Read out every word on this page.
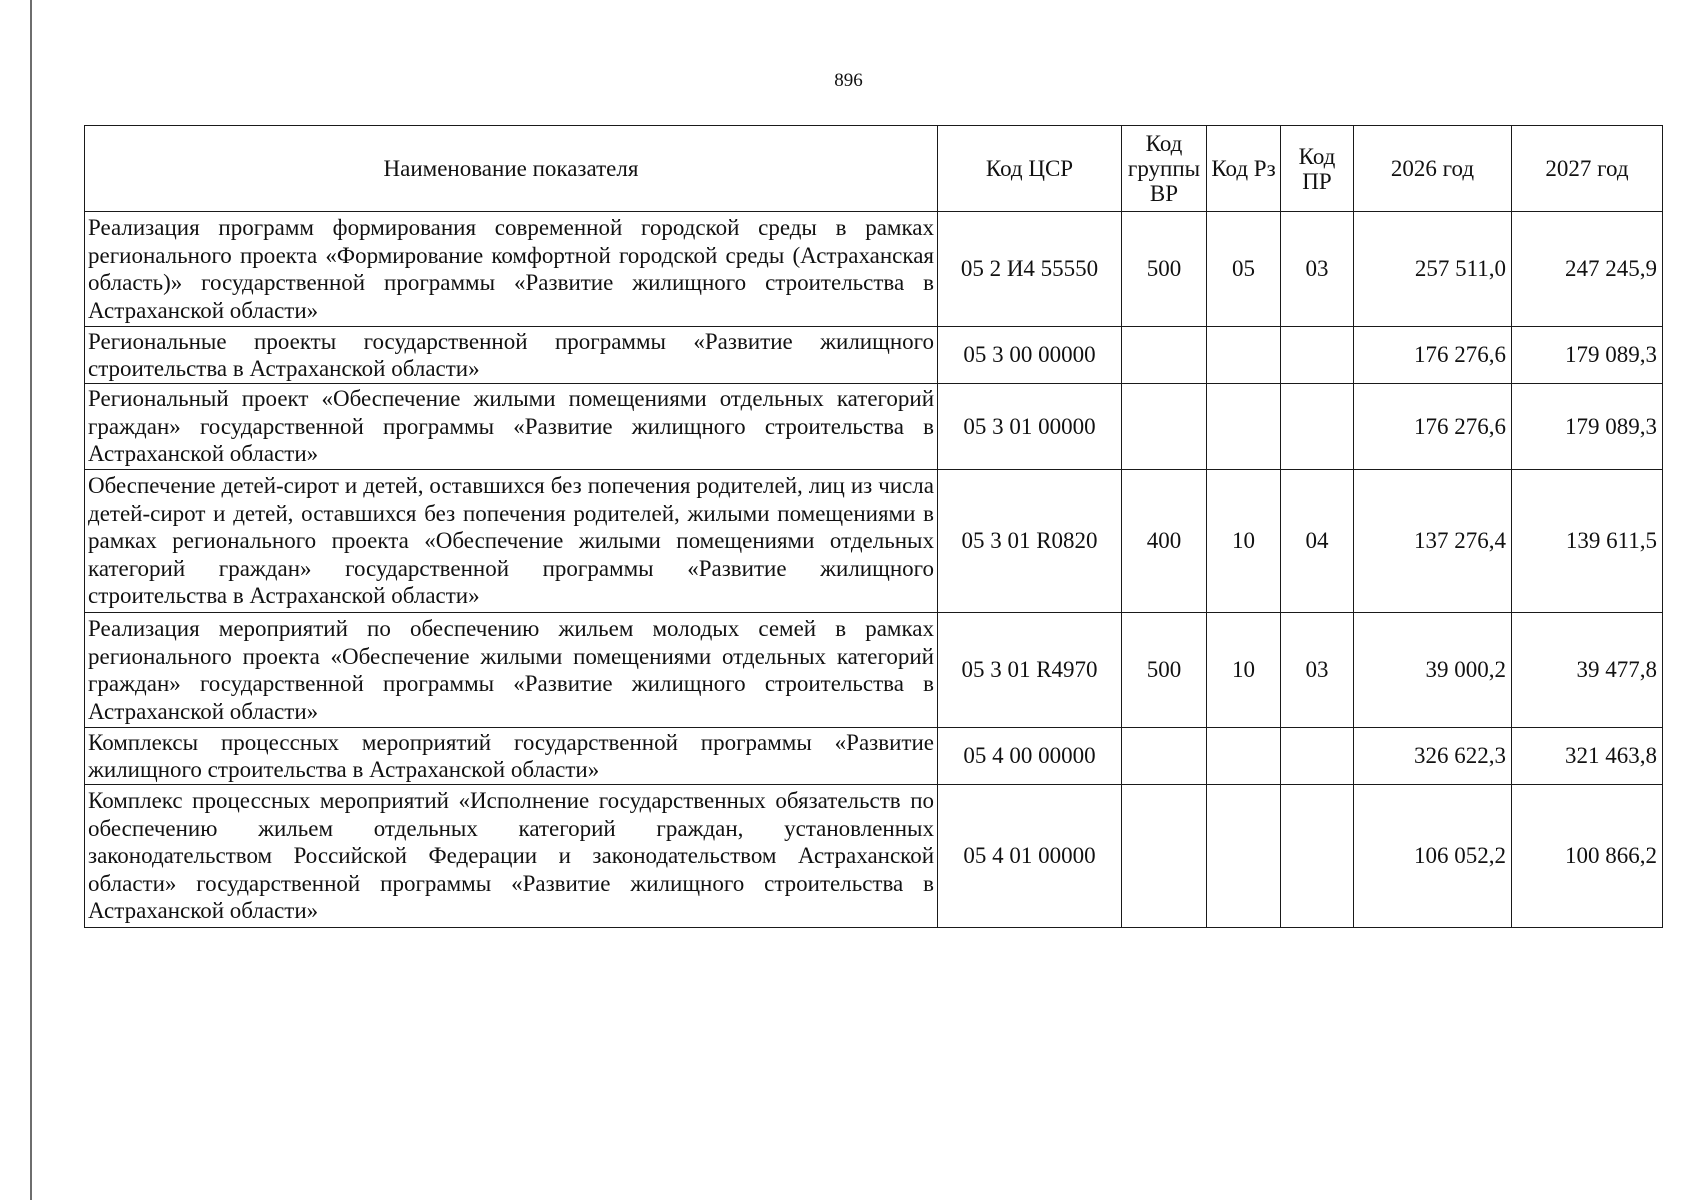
896
Наименование показателя	Код ЦСР	Код группы ВР	Код Рз	Код ПР	2026 год	2027 год
Реализация программ формирования современной городской среды в рамках регионального проекта «Формирование комфортной городской среды (Астраханская область)» государственной программы «Развитие жилищного строительства в Астраханской области»	05 2 И4 55550	500	05	03	257 511,0	247 245,9
Региональные проекты государственной программы «Развитие жилищного строительства в Астраханской области»	05 3 00 00000				176 276,6	179 089,3
Региональный проект «Обеспечение жилыми помещениями отдельных категорий граждан» государственной программы «Развитие жилищного строительства в Астраханской области»	05 3 01 00000				176 276,6	179 089,3
Обеспечение детей-сирот и детей, оставшихся без попечения родителей, лиц из числа детей-сирот и детей, оставшихся без попечения родителей, жилыми помещениями в рамках регионального проекта «Обеспечение жилыми помещениями отдельных категорий граждан» государственной программы «Развитие жилищного строительства в Астраханской области»	05 3 01 R0820	400	10	04	137 276,4	139 611,5
Реализация мероприятий по обеспечению жильем молодых семей в рамках регионального проекта «Обеспечение жилыми помещениями отдельных категорий граждан» государственной программы «Развитие жилищного строительства в Астраханской области»	05 3 01 R4970	500	10	03	39 000,2	39 477,8
Комплексы процессных мероприятий государственной программы «Развитие жилищного строительства в Астраханской области»	05 4 00 00000				326 622,3	321 463,8
Комплекс процессных мероприятий «Исполнение государственных обязательств по обеспечению жильем отдельных категорий граждан, установленных законодательством Российской Федерации и законодательством Астраханской области» государственной программы «Развитие жилищного строительства в Астраханской области»	05 4 01 00000				106 052,2	100 866,2
